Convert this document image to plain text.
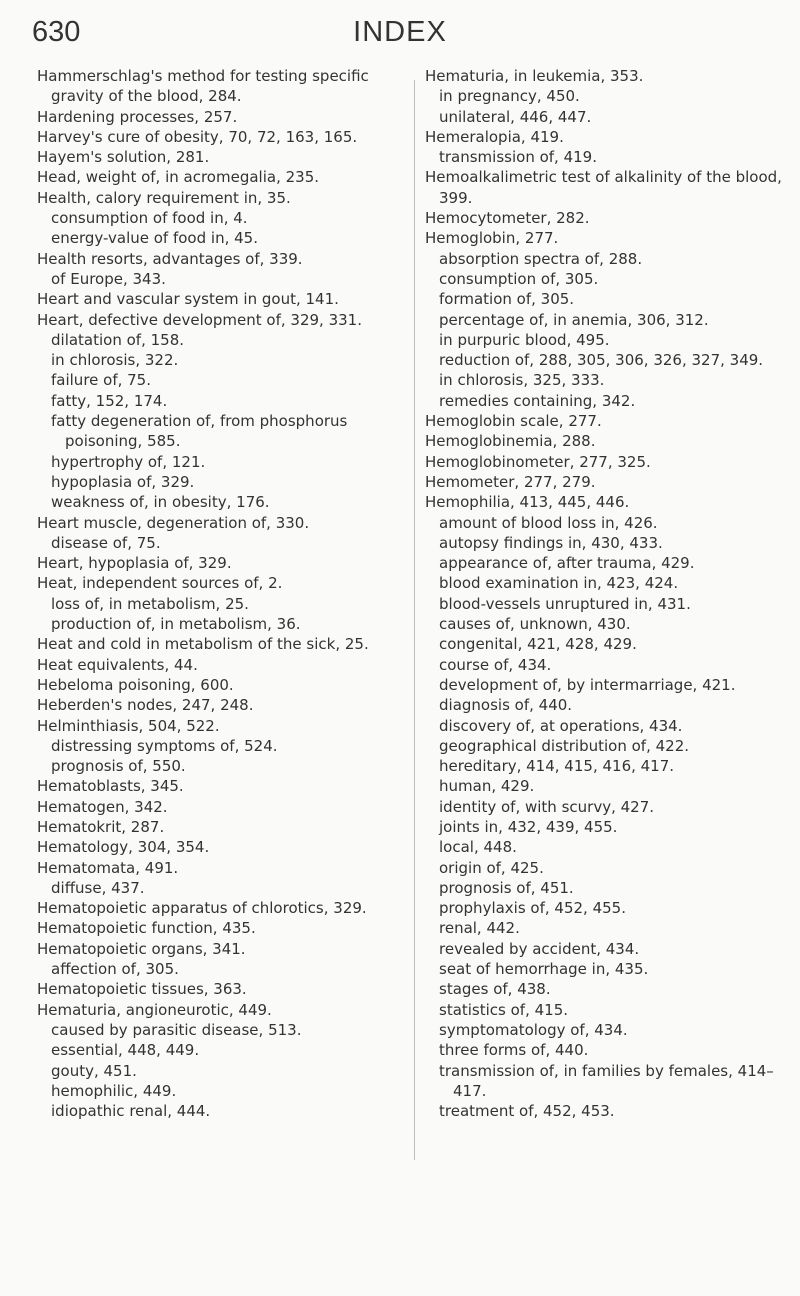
630	INDEX
Hammerschlag's method for testing specific gravity of the blood, 284.
Hardening processes, 257.
Harvey's cure of obesity, 70, 72, 163, 165.
Hayem's solution, 281.
Head, weight of, in acromegalia, 235.
Health, calory requirement in, 35.
consumption of food in, 4.
energy-value of food in, 45.
Health resorts, advantages of, 339.
of Europe, 343.
Heart and vascular system in gout, 141.
Heart, defective development of, 329, 331.
dilatation of, 158.
in chlorosis, 322.
failure of, 75.
fatty, 152, 174.
fatty degeneration of, from phosphorus poisoning, 585.
hypertrophy of, 121.
hypoplasia of, 329.
weakness of, in obesity, 176.
Heart muscle, degeneration of, 330.
disease of, 75.
Heart, hypoplasia of, 329.
Heat, independent sources of, 2.
loss of, in metabolism, 25.
production of, in metabolism, 36.
Heat and cold in metabolism of the sick, 25.
Heat equivalents, 44.
Hebeloma poisoning, 600.
Heberden's nodes, 247, 248.
Helminthiasis, 504, 522.
distressing symptoms of, 524.
prognosis of, 550.
Hematoblasts, 345.
Hematogen, 342.
Hematokrit, 287.
Hematology, 304, 354.
Hematomata, 491.
diffuse, 437.
Hematopoietic apparatus of chlorotics, 329.
Hematopoietic function, 435.
Hematopoietic organs, 341.
affection of, 305.
Hematopoietic tissues, 363.
Hematuria, angioneurotic, 449.
caused by parasitic disease, 513.
essential, 448, 449.
gouty, 451.
hemophilic, 449.
idiopathic renal, 444.
Hematuria, in leukemia, 353.
in pregnancy, 450.
unilateral, 446, 447.
Hemeralopia, 419.
transmission of, 419.
Hemoalkalimetric test of alkalinity of the blood, 399.
Hemocytometer, 282.
Hemoglobin, 277.
absorption spectra of, 288.
consumption of, 305.
formation of, 305.
percentage of, in anemia, 306, 312.
in purpuric blood, 495.
reduction of, 288, 305, 306, 326, 327, 349.
in chlorosis, 325, 333.
remedies containing, 342.
Hemoglobin scale, 277.
Hemoglobinemia, 288.
Hemoglobinometer, 277, 325.
Hemometer, 277, 279.
Hemophilia, 413, 445, 446.
amount of blood loss in, 426.
autopsy findings in, 430, 433.
appearance of, after trauma, 429.
blood examination in, 423, 424.
blood-vessels unruptured in, 431.
causes of, unknown, 430.
congenital, 421, 428, 429.
course of, 434.
development of, by intermarriage, 421.
diagnosis of, 440.
discovery of, at operations, 434.
geographical distribution of, 422.
hereditary, 414, 415, 416, 417.
human, 429.
identity of, with scurvy, 427.
joints in, 432, 439, 455.
local, 448.
origin of, 425.
prognosis of, 451.
prophylaxis of, 452, 455.
renal, 442.
revealed by accident, 434.
seat of hemorrhage in, 435.
stages of, 438.
statistics of, 415.
symptomatology of, 434.
three forms of, 440.
transmission of, in families by females, 414–417.
treatment of, 452, 453.
